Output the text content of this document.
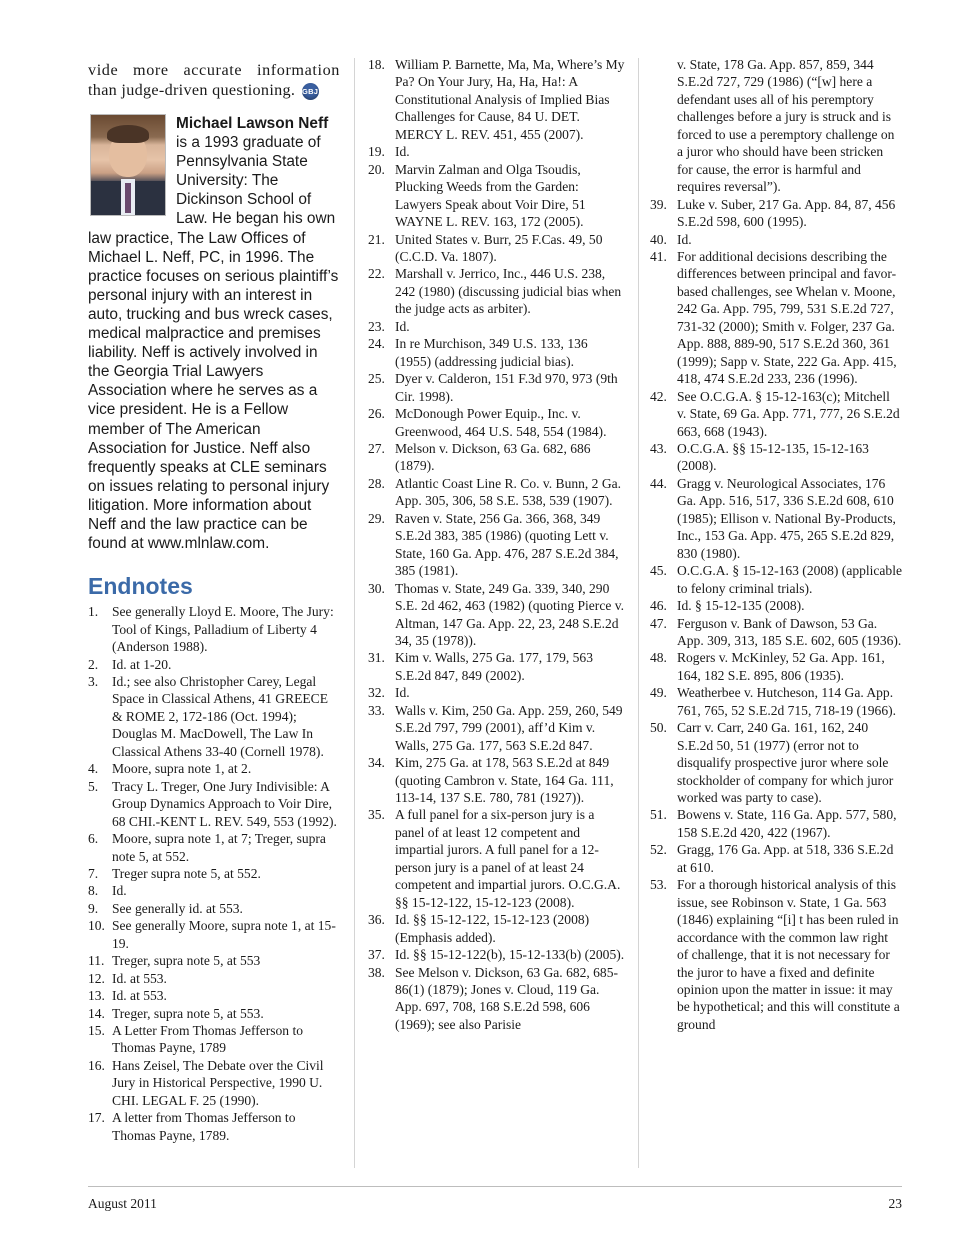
vide more accurate information

than judge-driven questioning. GBJ

Michael Lawson Neff is a 1993 graduate of Pennsylvania State University: The Dickinson School of Law. He began his own law practice, The Law Offices of Michael L. Neff, PC, in 1996. The practice focuses on serious plaintiff’s personal injury with an interest in auto, trucking and bus wreck cases, medical malpractice and premises liability. Neff is actively involved in the Georgia Trial Lawyers Association where he serves as a vice president. He is a Fellow member of The American Association for Justice. Neff also frequently speaks at CLE seminars on issues relating to personal injury litigation. More information about Neff and the law practice can be found at www.mlnlaw.com.
Endnotes
1. See generally Lloyd E. Moore, The Jury: Tool of Kings, Palladium of Liberty 4 (Anderson 1988).
2. Id. at 1-20.
3. Id.; see also Christopher Carey, Legal Space in Classical Athens, 41 GREECE & ROME 2, 172-186 (Oct. 1994); Douglas M. MacDowell, The Law In Classical Athens 33-40 (Cornell 1978).
4. Moore, supra note 1, at 2.
5. Tracy L. Treger, One Jury Indivisible: A Group Dynamics Approach to Voir Dire, 68 CHI.-KENT L. REV. 549, 553 (1992).
6. Moore, supra note 1, at 7; Treger, supra note 5, at 552.
7. Treger supra note 5, at 552.
8. Id.
9. See generally id. at 553.
10. See generally Moore, supra note 1, at 15-19.
11. Treger, supra note 5, at 553
12. Id. at 553.
13. Id. at 553.
14. Treger, supra note 5, at 553.
15. A Letter From Thomas Jefferson to Thomas Payne, 1789
16. Hans Zeisel, The Debate over the Civil Jury in Historical Perspective, 1990 U. CHI. LEGAL F. 25 (1990).
17. A letter from Thomas Jefferson to Thomas Payne, 1789.
18. William P. Barnette, Ma, Ma, Where’s My Pa? On Your Jury, Ha, Ha, Ha!: A Constitutional Analysis of Implied Bias Challenges for Cause, 84 U. DET. MERCY L. REV. 451, 455 (2007).
19. Id.
20. Marvin Zalman and Olga Tsoudis, Plucking Weeds from the Garden: Lawyers Speak about Voir Dire, 51 WAYNE L. REV. 163, 172 (2005).
21. United States v. Burr, 25 F.Cas. 49, 50 (C.C.D. Va. 1807).
22. Marshall v. Jerrico, Inc., 446 U.S. 238, 242 (1980) (discussing judicial bias when the judge acts as arbiter).
23. Id.
24. In re Murchison, 349 U.S. 133, 136 (1955) (addressing judicial bias).
25. Dyer v. Calderon, 151 F.3d 970, 973 (9th Cir. 1998).
26. McDonough Power Equip., Inc. v. Greenwood, 464 U.S. 548, 554 (1984).
27. Melson v. Dickson, 63 Ga. 682, 686 (1879).
28. Atlantic Coast Line R. Co. v. Bunn, 2 Ga. App. 305, 306, 58 S.E. 538, 539 (1907).
29. Raven v. State, 256 Ga. 366, 368, 349 S.E.2d 383, 385 (1986) (quoting Lett v. State, 160 Ga. App. 476, 287 S.E.2d 384, 385 (1981).
30. Thomas v. State, 249 Ga. 339, 340, 290 S.E. 2d 462, 463 (1982) (quoting Pierce v. Altman, 147 Ga. App. 22, 23, 248 S.E.2d 34, 35 (1978)).
31. Kim v. Walls, 275 Ga. 177, 179, 563 S.E.2d 847, 849 (2002).
32. Id.
33. Walls v. Kim, 250 Ga. App. 259, 260, 549 S.E.2d 797, 799 (2001), aff’d Kim v. Walls, 275 Ga. 177, 563 S.E.2d 847.
34. Kim, 275 Ga. at 178, 563 S.E.2d at 849 (quoting Cambron v. State, 164 Ga. 111, 113-14, 137 S.E. 780, 781 (1927)).
35. A full panel for a six-person jury is a panel of at least 12 competent and impartial jurors. A full panel for a 12-person jury is a panel of at least 24 competent and impartial jurors. O.C.G.A. §§ 15-12-122, 15-12-123 (2008).
36. Id. §§ 15-12-122, 15-12-123 (2008) (Emphasis added).
37. Id. §§ 15-12-122(b), 15-12-133(b) (2005).
38. See Melson v. Dickson, 63 Ga. 682, 685-86(1) (1879); Jones v. Cloud, 119 Ga. App. 697, 708, 168 S.E.2d 598, 606 (1969); see also Parisie
v. State, 178 Ga. App. 857, 859, 344 S.E.2d 727, 729 (1986) (“[w] here a defendant uses all of his peremptory challenges before a jury is struck and is forced to use a peremptory challenge on a juror who should have been stricken for cause, the error is harmful and requires reversal”).
39. Luke v. Suber, 217 Ga. App. 84, 87, 456 S.E.2d 598, 600 (1995).
40. Id.
41. For additional decisions describing the differences between principal and favor-based challenges, see Whelan v. Moone, 242 Ga. App. 795, 799, 531 S.E.2d 727, 731-32 (2000); Smith v. Folger, 237 Ga. App. 888, 889-90, 517 S.E.2d 360, 361 (1999); Sapp v. State, 222 Ga. App. 415, 418, 474 S.E.2d 233, 236 (1996).
42. See O.C.G.A. § 15-12-163(c); Mitchell v. State, 69 Ga. App. 771, 777, 26 S.E.2d 663, 668 (1943).
43. O.C.G.A. §§ 15-12-135, 15-12-163 (2008).
44. Gragg v. Neurological Associates, 176 Ga. App. 516, 517, 336 S.E.2d 608, 610 (1985); Ellison v. National By-Products, Inc., 153 Ga. App. 475, 265 S.E.2d 829, 830 (1980).
45. O.C.G.A. § 15-12-163 (2008) (applicable to felony criminal trials).
46. Id. § 15-12-135 (2008).
47. Ferguson v. Bank of Dawson, 53 Ga. App. 309, 313, 185 S.E. 602, 605 (1936).
48. Rogers v. McKinley, 52 Ga. App. 161, 164, 182 S.E. 895, 806 (1935).
49. Weatherbee v. Hutcheson, 114 Ga. App. 761, 765, 52 S.E.2d 715, 718-19 (1966).
50. Carr v. Carr, 240 Ga. 161, 162, 240 S.E.2d 50, 51 (1977) (error not to disqualify prospective juror where sole stockholder of company for which juror worked was party to case).
51. Bowens v. State, 116 Ga. App. 577, 580, 158 S.E.2d 420, 422 (1967).
52. Gragg, 176 Ga. App. at 518, 336 S.E.2d at 610.
53. For a thorough historical analysis of this issue, see Robinson v. State, 1 Ga. 563 (1846) explaining “[i] t has been ruled in accordance with the common law right of challenge, that it is not necessary for the juror to have a fixed and definite opinion upon the matter in issue: it may be hypothetical; and this will constitute a ground
August 2011	23
